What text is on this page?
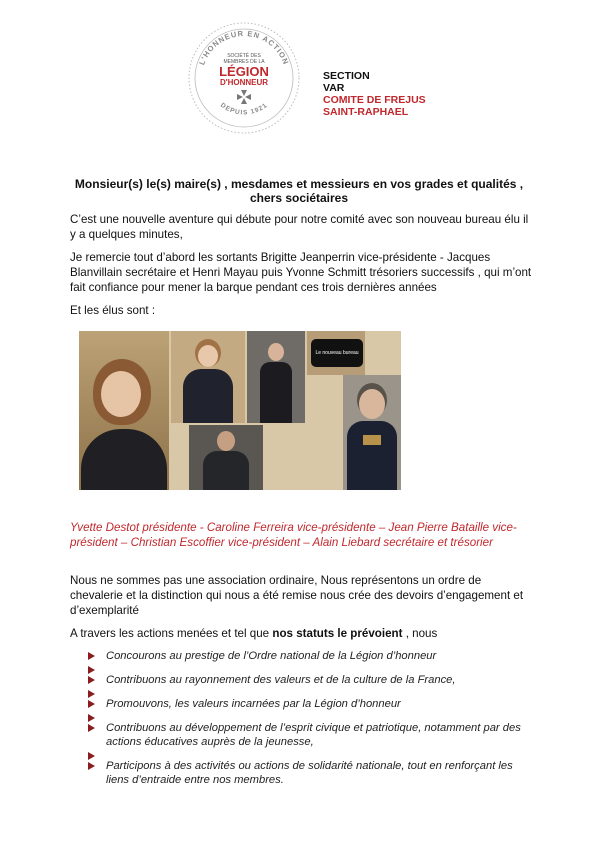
L'HONNEUR EN ACTION
DEPUIS 1921
SOCIÉTÉ DES
MEMBRES DE LA
LÉGION
D'HONNEUR
SECTION
VAR
COMITE DE FREJUS
SAINT-RAPHAEL
Monsieur(s) le(s) maire(s) , mesdames et messieurs en vos grades et qualités ,
chers sociétaires

C’est une nouvelle aventure qui débute pour notre comité avec son nouveau bureau élu il y a quelques minutes,

Je remercie tout d’abord les sortants Brigitte Jeanperrin vice-présidente - Jacques Blanvillain secrétaire et Henri Mayau puis Yvonne Schmitt trésoriers successifs , qui m’ont fait confiance pour mener la barque pendant ces trois dernières années

Et les élus sont :

Le nouveau bureau

Yvette Destot présidente - Caroline Ferreira vice-présidente – Jean Pierre Bataille vice-président – Christian Escoffier vice-président – Alain Liebard secrétaire et trésorier

Nous ne sommes pas une association ordinaire, Nous représentons un ordre de chevalerie et la distinction qui nous a été remise nous crée des devoirs d’engagement et d’exemplarité

A travers les actions menées et tel que nos statuts le prévoient , nous

Concourons au prestige de l’Ordre national de la Légion d’honneur
Contribuons au rayonnement des valeurs et de la culture de la France,
Promouvons, les valeurs incarnées par la Légion d’honneur
Contribuons au développement de l’esprit civique et patriotique, notamment par des actions éducatives auprès de la jeunesse,
Participons à des activités ou actions de solidarité nationale, tout en renforçant les liens d’entraide entre nos membres.
